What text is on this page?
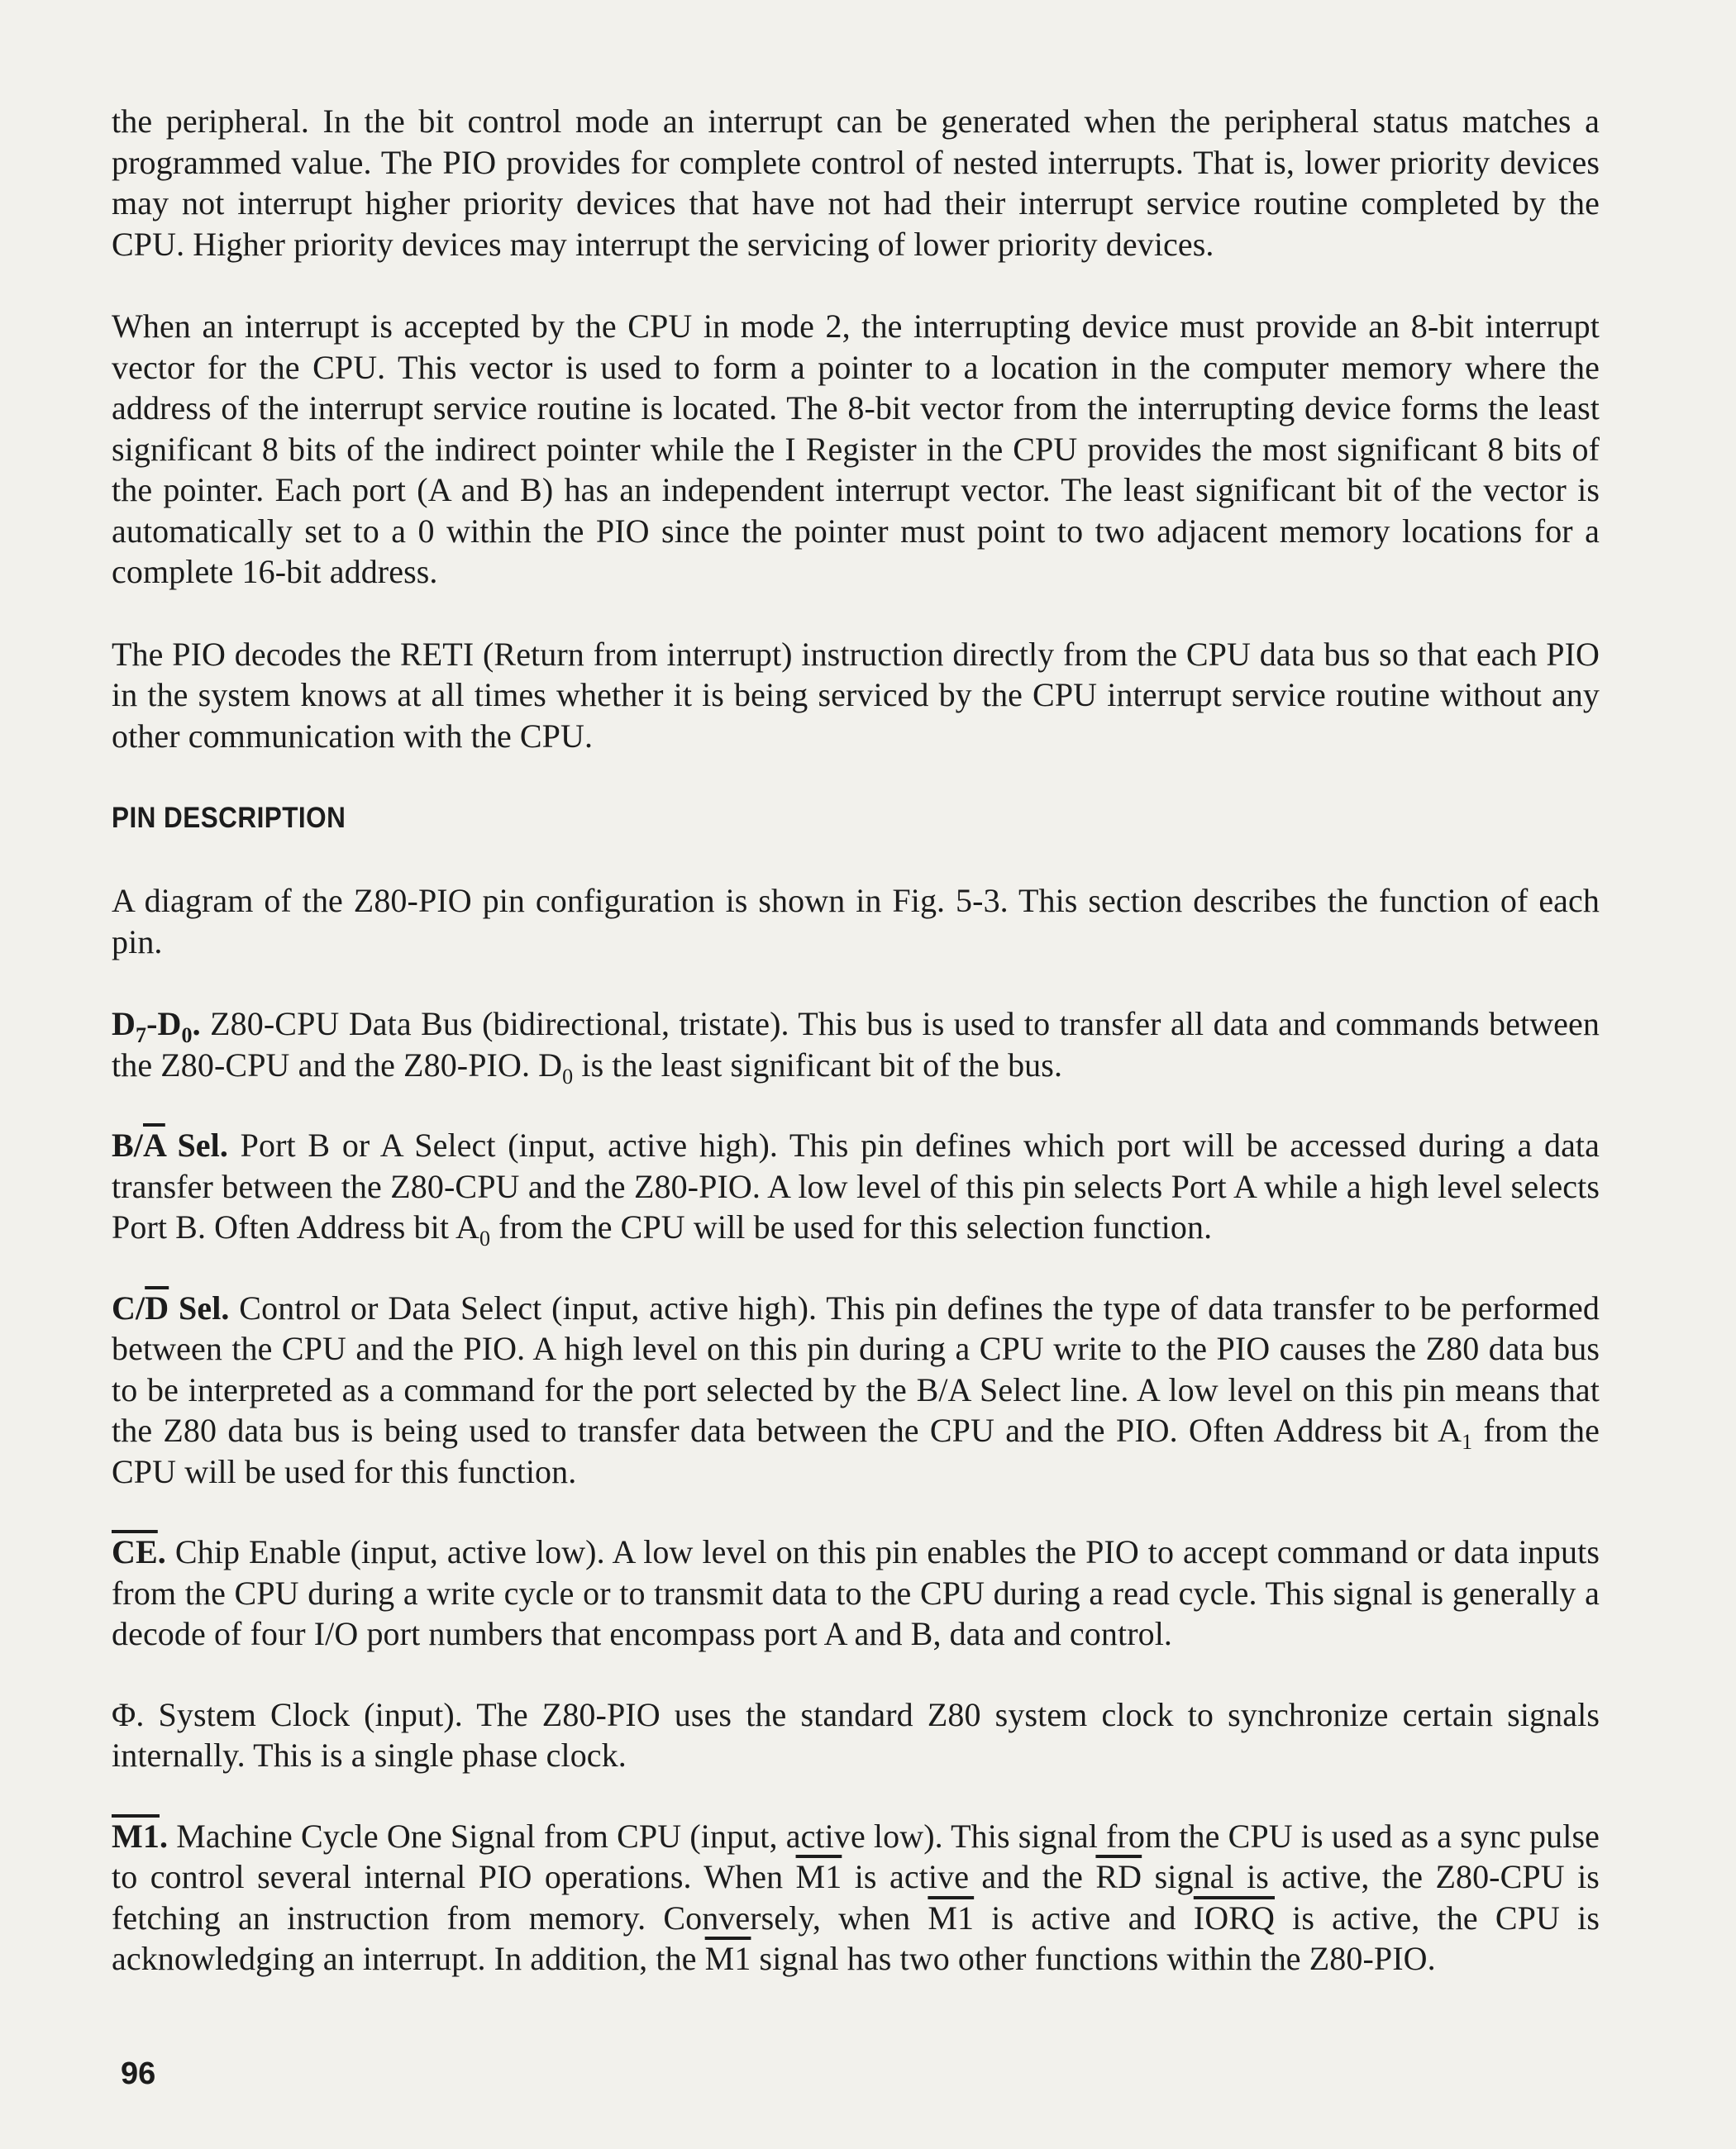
the peripheral. In the bit control mode an interrupt can be generated when the peripheral status matches a programmed value. The PIO provides for complete control of nested interrupts. That is, lower priority devices may not interrupt higher priority devices that have not had their interrupt service routine completed by the CPU. Higher priority devices may interrupt the servicing of lower priority devices.

When an interrupt is accepted by the CPU in mode 2, the interrupting device must provide an 8-bit interrupt vector for the CPU. This vector is used to form a pointer to a location in the computer memory where the address of the interrupt service routine is located. The 8-bit vector from the interrupting device forms the least significant 8 bits of the indirect pointer while the I Register in the CPU provides the most significant 8 bits of the pointer. Each port (A and B) has an independent interrupt vector. The least significant bit of the vector is automatically set to a 0 within the PIO since the pointer must point to two adjacent memory locations for a complete 16-bit address.

The PIO decodes the RETI (Return from interrupt) instruction directly from the CPU data bus so that each PIO in the system knows at all times whether it is being serviced by the CPU interrupt service routine without any other communication with the CPU.

PIN DESCRIPTION

A diagram of the Z80-PIO pin configuration is shown in Fig. 5-3. This section describes the function of each pin.

$D_7-D_0$. Z80-CPU Data Bus (bidirectional, tristate). This bus is used to transfer all data and commands between the Z80-CPU and the Z80-PIO. $D_0$ is the least significant bit of the bus.

$B/\overline{A}$ Sel. Port B or A Select (input, active high). This pin defines which port will be accessed during a data transfer between the Z80-CPU and the Z80-PIO. A low level of this pin selects Port A while a high level selects Port B. Often Address bit $A_0$ from the CPU will be used for this selection function.

$C/\overline{D}$ Sel. Control or Data Select (input, active high). This pin defines the type of data transfer to be performed between the CPU and the PIO. A high level on this pin during a CPU write to the PIO causes the Z80 data bus to be interpreted as a command for the port selected by the B/A Select line. A low level on this pin means that the Z80 data bus is being used to transfer data between the CPU and the PIO. Often Address bit $A_1$ from the CPU will be used for this function.

$\overline{CE}$. Chip Enable (input, active low). A low level on this pin enables the PIO to accept command or data inputs from the CPU during a write cycle or to transmit data to the CPU during a read cycle. This signal is generally a decode of four I/O port numbers that encompass port A and B, data and control.

Φ. System Clock (input). The Z80-PIO uses the standard Z80 system clock to synchronize certain signals internally. This is a single phase clock.

M1. Machine Cycle One Signal from CPU (input, active low). This signal from the CPU is used as a sync pulse to control several internal PIO operations. When M1 is active and the $\overline{RD}$ signal is active, the Z80-CPU is fetching an instruction from memory. Conversely, when M1 is active and IORQ is active, the CPU is acknowledging an interrupt. In addition, the M1 signal has two other functions within the Z80-PIO.

96
